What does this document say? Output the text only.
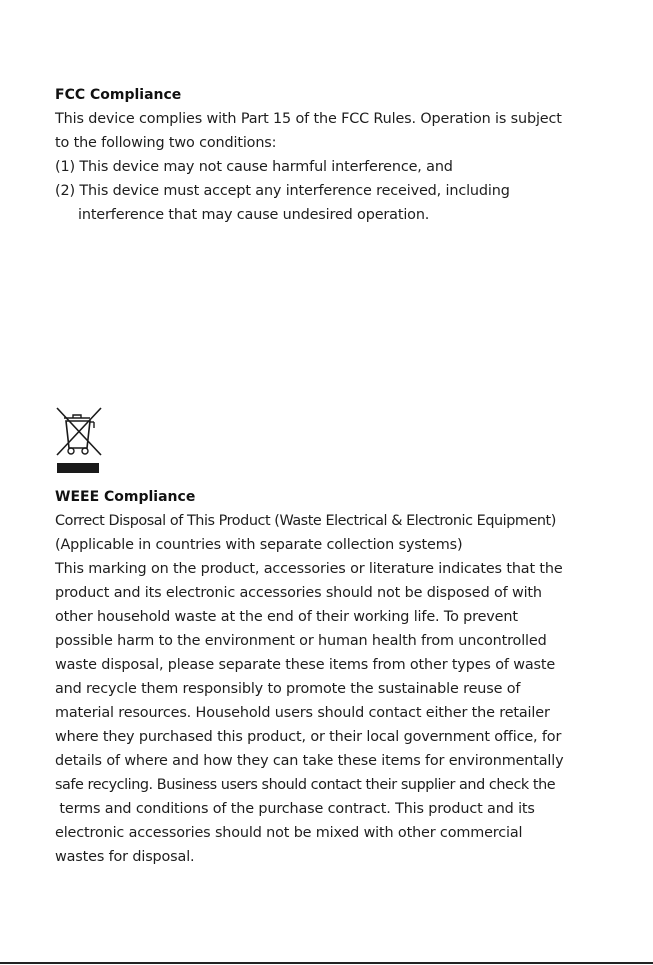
FCC Compliance
This device complies with Part 15 of the FCC Rules. Operation is subject
to the following two conditions:
(1) This device may not cause harmful interference, and
(2) This device must accept any interference received, including
interference that may cause undesired operation.
WEEE Compliance
Correct Disposal of This Product (Waste Electrical & Electronic Equipment)
(Applicable in countries with separate collection systems)
This marking on the product, accessories or literature indicates that the
product and its electronic accessories should not be disposed of with
other household waste at the end of their working life. To prevent
possible harm to the environment or human health from uncontrolled
waste disposal, please separate these items from other types of waste
and recycle them responsibly to promote the sustainable reuse of
material resources. Household users should contact either the retailer
where they purchased this product, or their local government office, for
details of where and how they can take these items for environmentally
safe recycling. Business users should contact their supplier and check the
terms and conditions of the purchase contract. This product and its
electronic accessories should not be mixed with other commercial
wastes for disposal.
